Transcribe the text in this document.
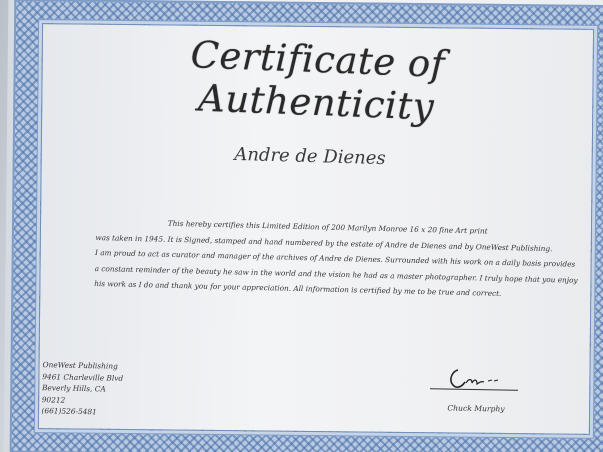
Certificate of Authenticity
Andre de Dienes
This hereby certifies this Limited Edition of 200 Marilyn Monroe 16 x 20 fine Art print
was taken in 1945. It is Signed, stamped and hand numbered by the estate of Andre de Dienes and by OneWest Publishing.
I am proud to act as curator and manager of the archives of Andre de Dienes. Surrounded with his work on a daily basis provides
a constant reminder of the beauty he saw in the world and the vision he had as a master photographer. I truly hope that you enjoy
his work as I do and thank you for your appreciation. All information is certified by me to be true and correct.
OneWest Publishing
9461 Charleville Blvd
Beverly Hills, CA
90212
(661)526-5481	Chuck Murphy
